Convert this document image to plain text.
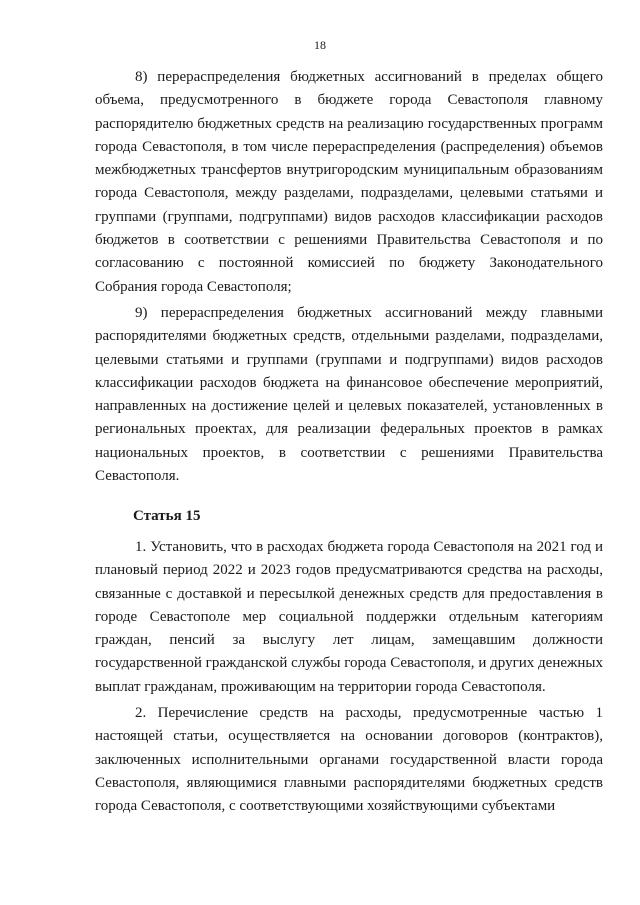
18

8) перераспределения бюджетных ассигнований в пределах общего объема, предусмотренного в бюджете города Севастополя главному распорядителю бюджетных средств на реализацию государственных программ города Севастополя, в том числе перераспределения (распределения) объемов межбюджетных трансфертов внутригородским муниципальным образованиям города Севастополя, между разделами, подразделами, целевыми статьями и группами (группами, подгруппами) видов расходов классификации расходов бюджетов в соответствии с решениями Правительства Севастополя и по согласованию с постоянной комиссией по бюджету Законодательного Собрания города Севастополя;

9) перераспределения бюджетных ассигнований между главными распорядителями бюджетных средств, отдельными разделами, подразделами, целевыми статьями и группами (группами и подгруппами) видов расходов классификации расходов бюджета на финансовое обеспечение мероприятий, направленных на достижение целей и целевых показателей, установленных в региональных проектах, для реализации федеральных проектов в рамках национальных проектов, в соответствии с решениями Правительства Севастополя.

Статья 15

1. Установить, что в расходах бюджета города Севастополя на 2021 год и плановый период 2022 и 2023 годов предусматриваются средства на расходы, связанные с доставкой и пересылкой денежных средств для предоставления в городе Севастополе мер социальной поддержки отдельным категориям граждан, пенсий за выслугу лет лицам, замещавшим должности государственной гражданской службы города Севастополя, и других денежных выплат гражданам, проживающим на территории города Севастополя.

2. Перечисление средств на расходы, предусмотренные частью 1 настоящей статьи, осуществляется на основании договоров (контрактов), заключенных исполнительными органами государственной власти города Севастополя, являющимися главными распорядителями бюджетных средств города Севастополя, с соответствующими хозяйствующими субъектами
